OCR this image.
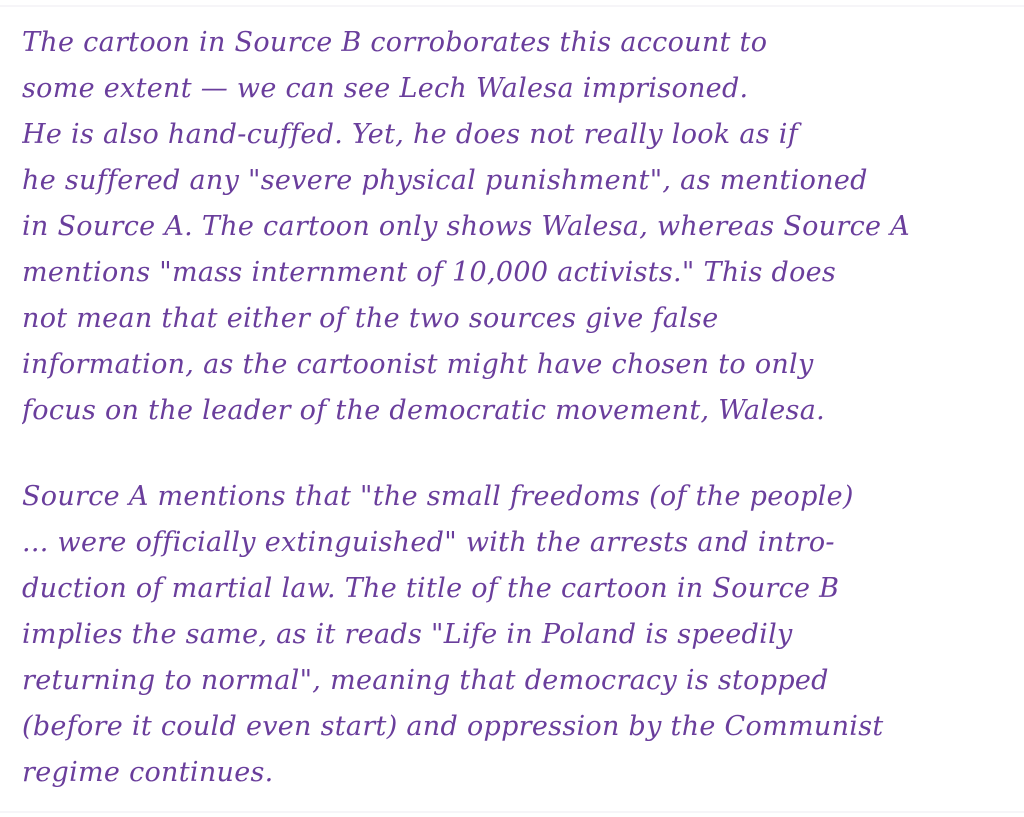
The cartoon in Source B corroborates this account to
some extent — we can see Lech Walesa imprisoned.
He is also hand-cuffed. Yet, he does not really look as if
he suffered any "severe physical punishment", as mentioned
in Source A. The cartoon only shows Walesa, whereas Source A
mentions "mass internment of 10,000 activists." This does
not mean that either of the two sources give false
information, as the cartoonist might have chosen to only
focus on the leader of the democratic movement, Walesa.
Source A mentions that "the small freedoms (of the people)
... were officially extinguished" with the arrests and intro-
duction of martial law. The title of the cartoon in Source B
implies the same, as it reads "Life in Poland is speedily
returning to normal", meaning that democracy is stopped
(before it could even start) and oppression by the Communist
regime continues.
